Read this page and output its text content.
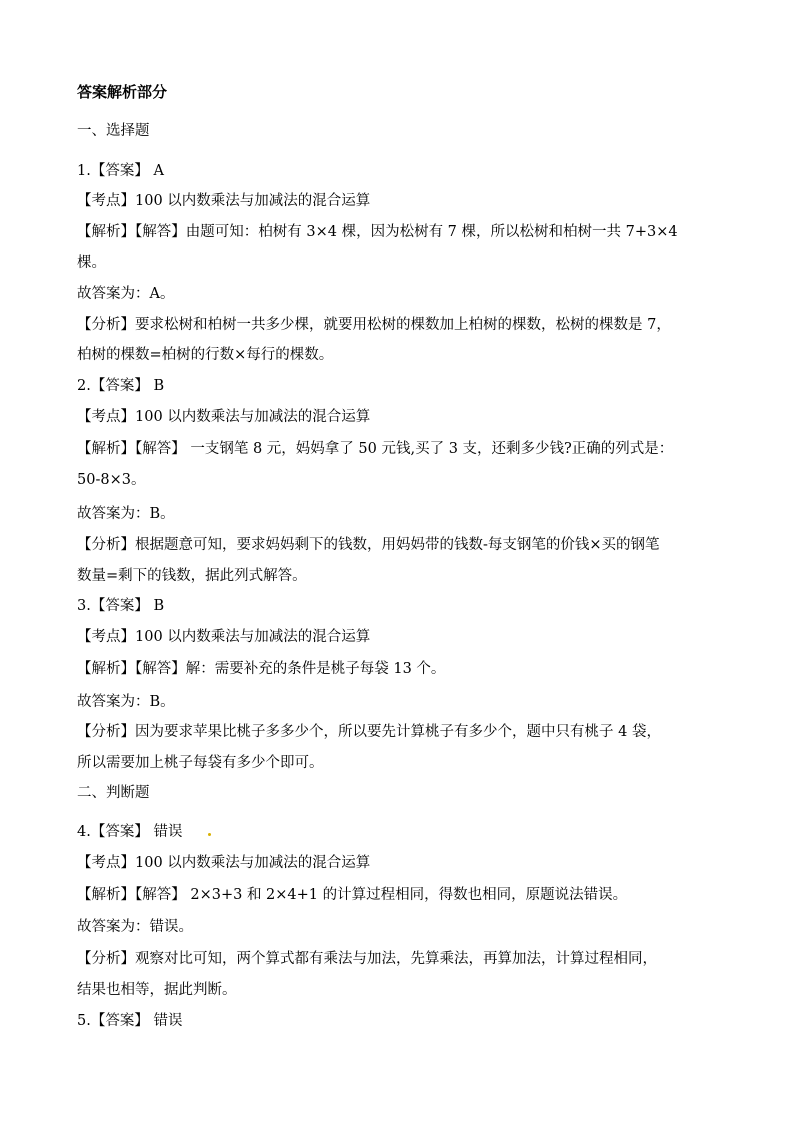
答案解析部分
一、选择题
1.【答案】 A
【考点】100 以内数乘法与加减法的混合运算
【解析】【解答】由题可知：柏树有 3×4 棵，因为松树有 7 棵，所以松树和柏树一共 7+3×4
棵。
故答案为：A。
【分析】要求松树和柏树一共多少棵，就要用松树的棵数加上柏树的棵数，松树的棵数是 7，
柏树的棵数=柏树的行数×每行的棵数。
2.【答案】 B
【考点】100 以内数乘法与加减法的混合运算
【解析】【解答】 一支钢笔 8 元，妈妈拿了 50 元钱,买了 3 支，还剩多少钱?正确的列式是：
50-8×3。
故答案为：B。
【分析】根据题意可知，要求妈妈剩下的钱数，用妈妈带的钱数-每支钢笔的价钱×买的钢笔
数量=剩下的钱数，据此列式解答。
3.【答案】 B
【考点】100 以内数乘法与加减法的混合运算
【解析】【解答】解：需要补充的条件是桃子每袋 13 个。
故答案为：B。
【分析】因为要求苹果比桃子多多少个，所以要先计算桃子有多少个，题中只有桃子 4 袋，
所以需要加上桃子每袋有多少个即可。
二、判断题
4.【答案】 错误
【考点】100 以内数乘法与加减法的混合运算
【解析】【解答】 2×3+3 和 2×4+1 的计算过程相同，得数也相同，原题说法错误。
故答案为：错误。
【分析】观察对比可知，两个算式都有乘法与加法，先算乘法，再算加法，计算过程相同，
结果也相等，据此判断。
5.【答案】 错误
